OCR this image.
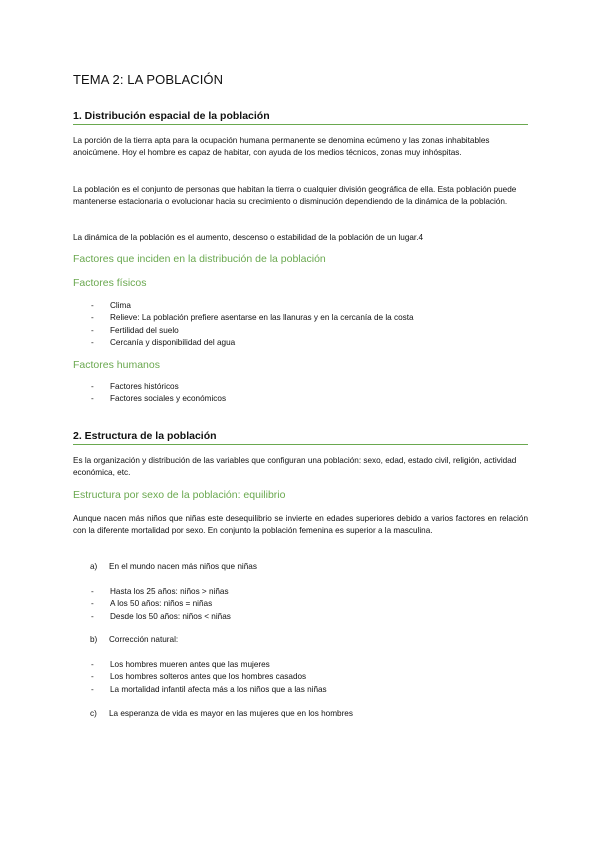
TEMA 2: LA POBLACIÓN
1. Distribución espacial de la población
La porción de la tierra apta para la ocupación humana permanente se denomina ecúmeno y las zonas inhabitables anoicúmene. Hoy el hombre es capaz de habitar, con ayuda de los medios técnicos, zonas muy inhóspitas.
La población es el conjunto de personas que habitan la tierra o cualquier división geográfica de ella. Esta población puede mantenerse estacionaria o evolucionar hacia su crecimiento o disminución dependiendo de la dinámica de la población.
La dinámica de la población es el aumento, descenso o estabilidad de la población de un lugar.4
Factores que inciden en la distribución de la población
Factores físicos
- Clima
- Relieve: La población prefiere asentarse en las llanuras y en la cercanía de la costa
- Fertilidad del suelo
- Cercanía y disponibilidad del agua
Factores humanos
- Factores históricos
- Factores sociales y económicos
2. Estructura de la población
Es la organización y distribución de las variables que configuran una población: sexo, edad, estado civil, religión, actividad económica, etc.
Estructura por sexo de la población: equilibrio
Aunque nacen más niños que niñas este desequilibrio se invierte en edades superiores debido a varios factores en relación con la diferente mortalidad por sexo. En conjunto la población femenina es superior a la masculina.
a) En el mundo nacen más niños que niñas
- Hasta los 25 años: niños > niñas
- A los 50 años: niños = niñas
- Desde los 50 años: niños < niñas
b) Corrección natural:
- Los hombres mueren antes que las mujeres
- Los hombres solteros antes que los hombres casados
- La mortalidad infantil afecta más a los niños que a las niñas
c) La esperanza de vida es mayor en las mujeres que en los hombres
